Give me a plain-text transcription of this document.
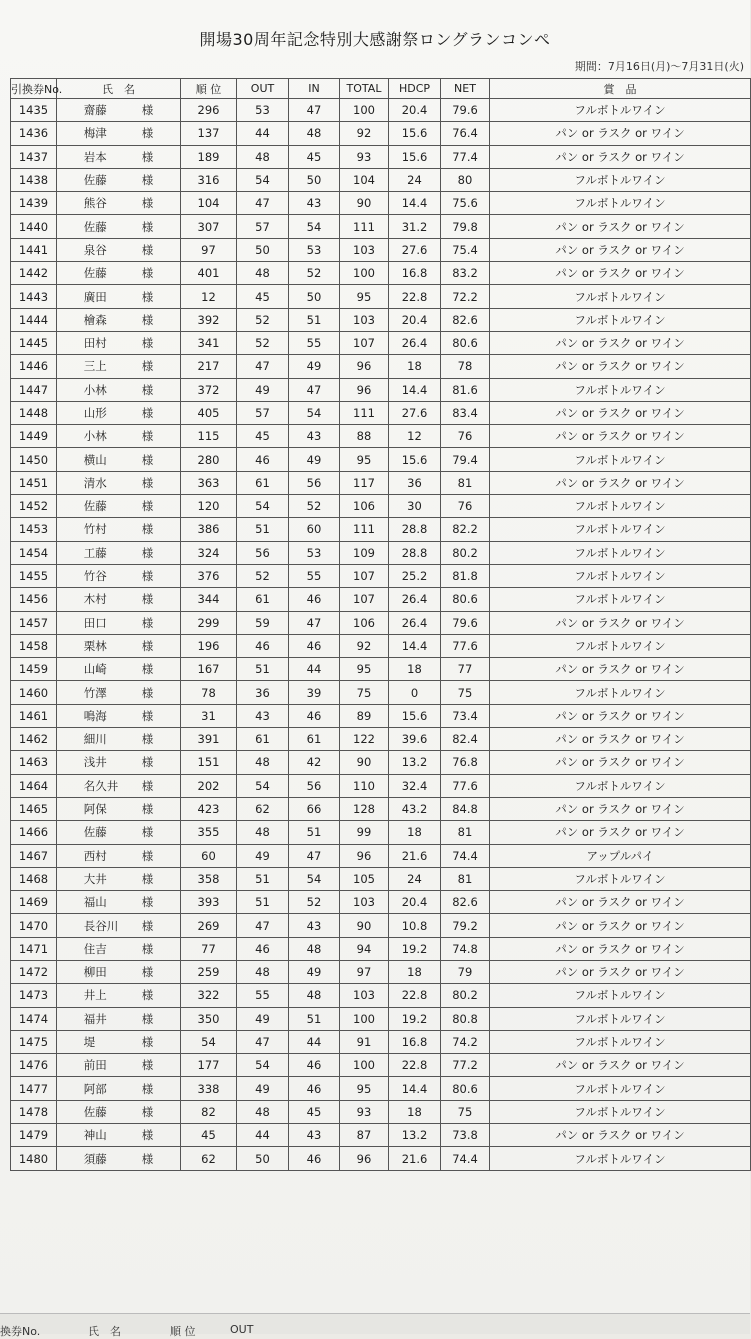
開場30周年記念特別大感謝祭ロングランコンペ
期間：7月16日(月)〜7月31日(火)
引換券No.	氏　名	順 位	OUT	IN	TOTAL	HDCP	NET	賞　品
1435	齋藤 様	296	53	47	100	20.4	79.6	フルボトルワイン
1436	梅津 様	137	44	48	92	15.6	76.4	パン or ラスク or ワイン
1437	岩本 様	189	48	45	93	15.6	77.4	パン or ラスク or ワイン
1438	佐藤 様	316	54	50	104	24	80	フルボトルワイン
1439	熊谷 様	104	47	43	90	14.4	75.6	フルボトルワイン
1440	佐藤 様	307	57	54	111	31.2	79.8	パン or ラスク or ワイン
1441	泉谷 様	97	50	53	103	27.6	75.4	パン or ラスク or ワイン
1442	佐藤 様	401	48	52	100	16.8	83.2	パン or ラスク or ワイン
1443	廣田 様	12	45	50	95	22.8	72.2	フルボトルワイン
1444	檜森 様	392	52	51	103	20.4	82.6	フルボトルワイン
1445	田村 様	341	52	55	107	26.4	80.6	パン or ラスク or ワイン
1446	三上 様	217	47	49	96	18	78	パン or ラスク or ワイン
1447	小林 様	372	49	47	96	14.4	81.6	フルボトルワイン
1448	山形 様	405	57	54	111	27.6	83.4	パン or ラスク or ワイン
1449	小林 様	115	45	43	88	12	76	パン or ラスク or ワイン
1450	横山 様	280	46	49	95	15.6	79.4	フルボトルワイン
1451	清水 様	363	61	56	117	36	81	パン or ラスク or ワイン
1452	佐藤 様	120	54	52	106	30	76	フルボトルワイン
1453	竹村 様	386	51	60	111	28.8	82.2	フルボトルワイン
1454	工藤 様	324	56	53	109	28.8	80.2	フルボトルワイン
1455	竹谷 様	376	52	55	107	25.2	81.8	フルボトルワイン
1456	木村 様	344	61	46	107	26.4	80.6	フルボトルワイン
1457	田口 様	299	59	47	106	26.4	79.6	パン or ラスク or ワイン
1458	栗林 様	196	46	46	92	14.4	77.6	フルボトルワイン
1459	山崎 様	167	51	44	95	18	77	パン or ラスク or ワイン
1460	竹澤 様	78	36	39	75	0	75	フルボトルワイン
1461	鳴海 様	31	43	46	89	15.6	73.4	パン or ラスク or ワイン
1462	細川 様	391	61	61	122	39.6	82.4	パン or ラスク or ワイン
1463	浅井 様	151	48	42	90	13.2	76.8	パン or ラスク or ワイン
1464	名久井 様	202	54	56	110	32.4	77.6	フルボトルワイン
1465	阿保 様	423	62	66	128	43.2	84.8	パン or ラスク or ワイン
1466	佐藤 様	355	48	51	99	18	81	パン or ラスク or ワイン
1467	西村 様	60	49	47	96	21.6	74.4	アップルパイ
1468	大井 様	358	51	54	105	24	81	フルボトルワイン
1469	福山 様	393	51	52	103	20.4	82.6	パン or ラスク or ワイン
1470	長谷川 様	269	47	43	90	10.8	79.2	パン or ラスク or ワイン
1471	住吉 様	77	46	48	94	19.2	74.8	パン or ラスク or ワイン
1472	柳田 様	259	48	49	97	18	79	パン or ラスク or ワイン
1473	井上 様	322	55	48	103	22.8	80.2	フルボトルワイン
1474	福井 様	350	49	51	100	19.2	80.8	フルボトルワイン
1475	堤 様	54	47	44	91	16.8	74.2	フルボトルワイン
1476	前田 様	177	54	46	100	22.8	77.2	パン or ラスク or ワイン
1477	阿部 様	338	49	46	95	14.4	80.6	フルボトルワイン
1478	佐藤 様	82	48	45	93	18	75	フルボトルワイン
1479	神山 様	45	44	43	87	13.2	73.8	パン or ラスク or ワイン
1480	須藤 様	62	50	46	96	21.6	74.4	フルボトルワイン
換券No.	氏　名	順 位	OUT
